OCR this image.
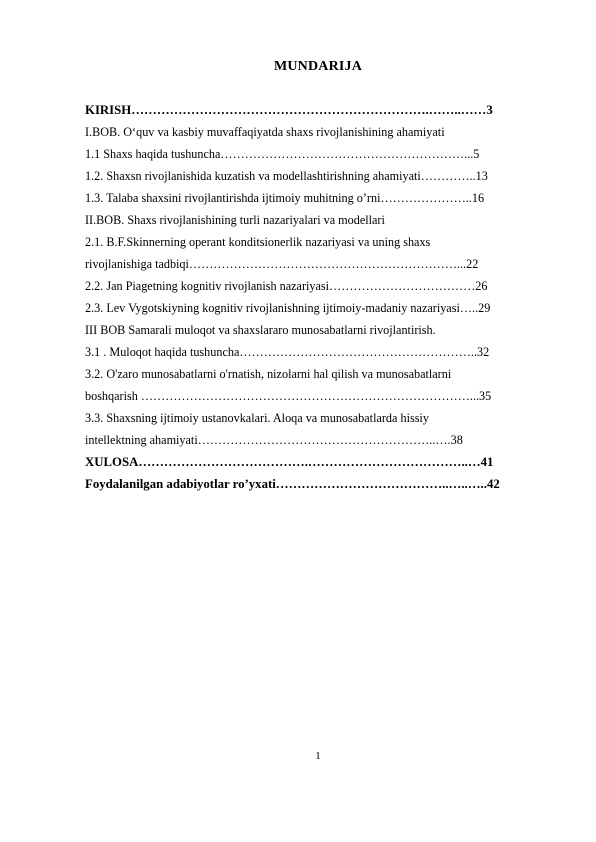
MUNDARIJA
KIRISH…………………………………………………………….……..……3
I.BOB. O‘quv va kasbiy muvaffaqiyatda shaxs rivojlanishining ahamiyati
1.1 Shaxs haqida tushuncha……………………………………………………...5
1.2. Shaxsn rivojlanishida kuzatish va modellashtirishning ahamiyati…………..13
1.3. Talaba shaxsini rivojlantirishda ijtimoiy muhitning o’rni…………………..16
II.BOB. Shaxs rivojlanishining turli nazariyalari va modellari
2.1. B.F.Skinnerning operant konditsionerlik nazariyasi va uning shaxs
rivojlanishiga tadbiqi…………………………………………………………...22
2.2. Jan Piagetning kognitiv rivojlanish nazariyasi………………………………26
2.3. Lev Vygotskiyning kognitiv rivojlanishning ijtimoiy-madaniy nazariyasi…..29
III BOB Samarali muloqot va shaxslararo munosabatlarni rivojlantirish.
3.1 . Muloqot haqida tushuncha…………………………………………………..32
3.2. O'zaro munosabatlarni o'rnatish, nizolarni hal qilish va munosabatlarni
boshqarish ………………………………………………………………………...35
3.3. Shaxsning ijtimoiy ustanovkalari. Aloqa va munosabatlarda hissiy
intellektning ahamiyati…………………………………………………..….38
XULOSA………………………………….………………………………..…41
Foydalanilgan adabiyotlar ro’yxati…………………………………..…..…..42
1
